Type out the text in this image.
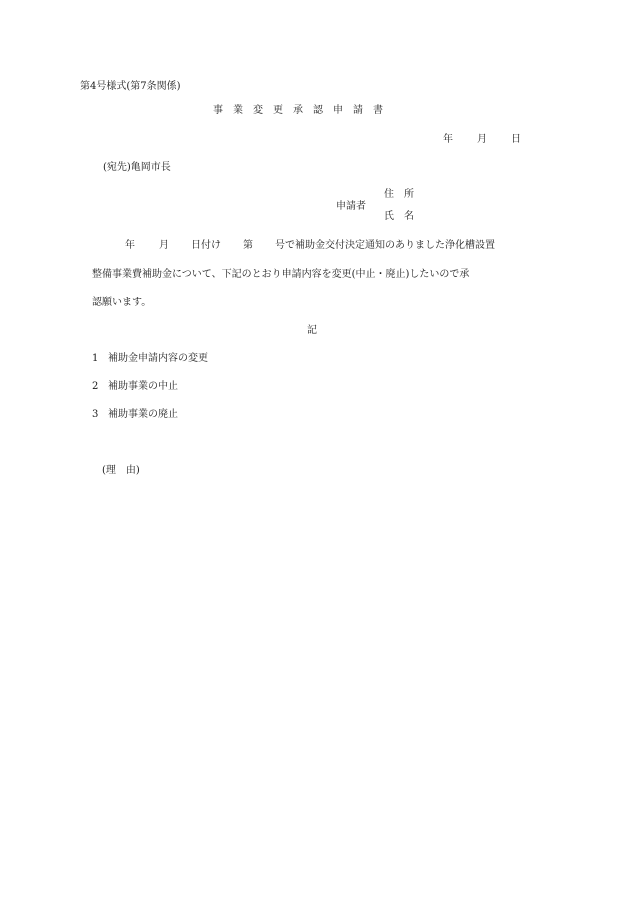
第4号様式(第7条関係)
事業変更承認申請書
年 月 日
(宛先)亀岡市長
申請者
住所
氏名
年 月 日付け 第 号で補助金交付決定通知のありました浄化槽設置
整備事業費補助金について、下記のとおり申請内容を変更(中止・廃止)したいので承
認願います。
記
1 補助金申請内容の変更
2 補助事業の中止
3 補助事業の廃止
(理　由)
